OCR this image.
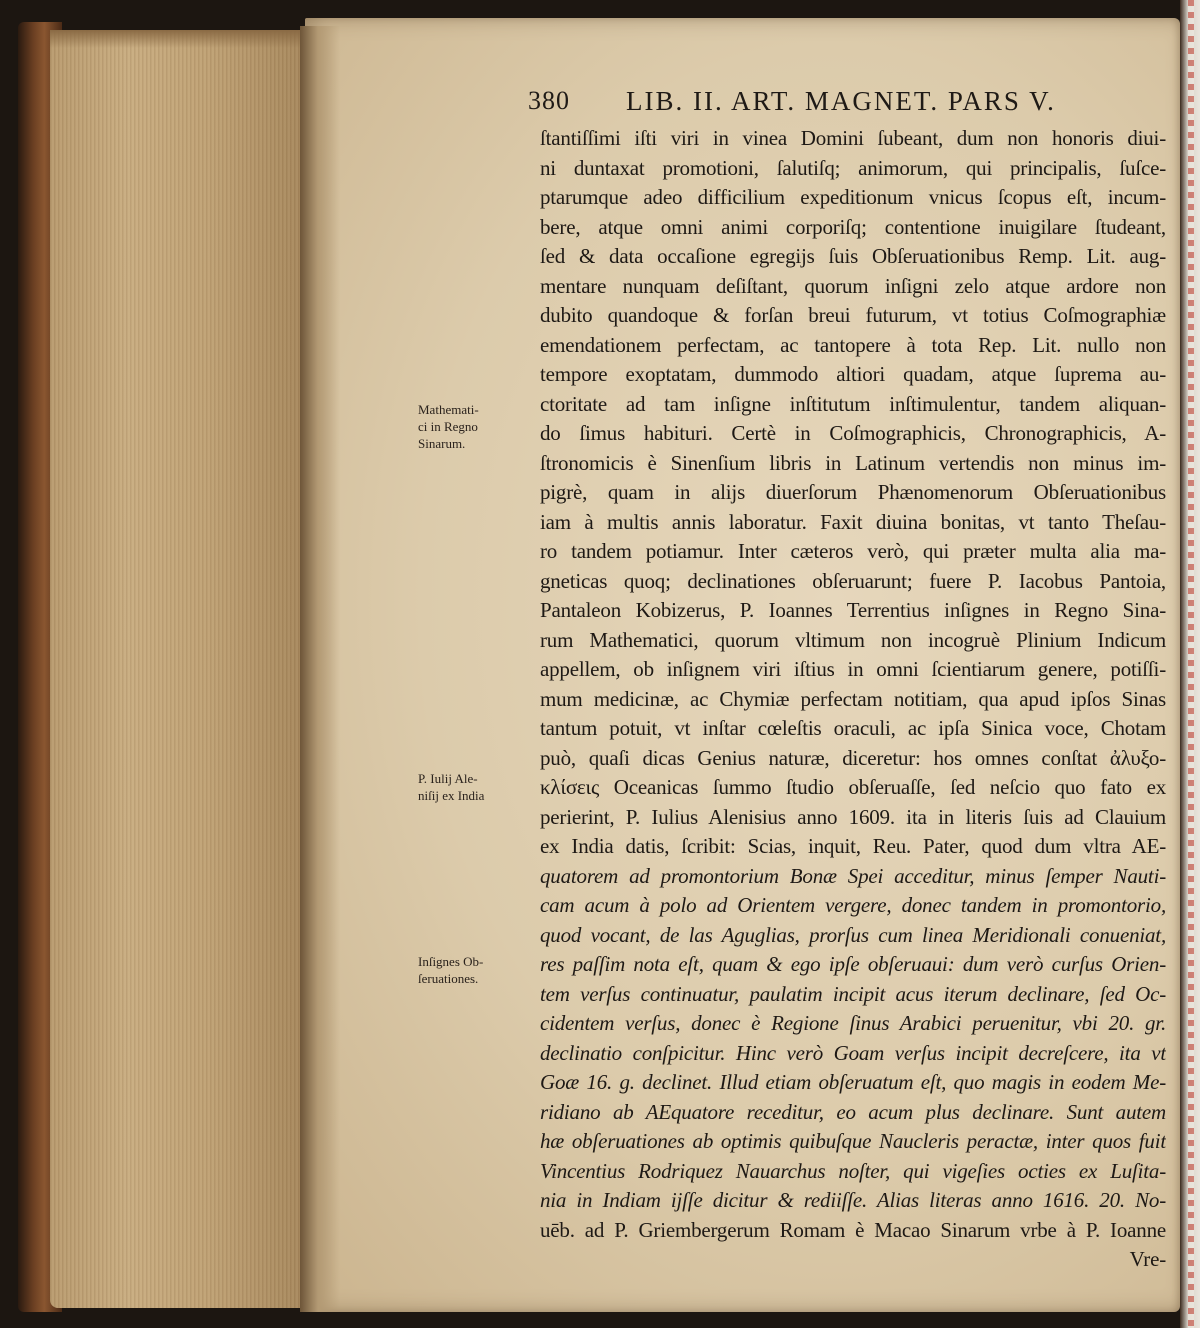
380 LIB. II. ART. MAGNET. PARS V.
Mathemati-
ci in Regno
Sinarum.
P. Iulij Ale-
niſij ex India
Inſignes Ob-
ſeruationes.
ſtantiſſimi iſti viri in vinea Domini ſubeant, dum non honoris diui-
ni duntaxat promotioni, ſalutiſq; animorum, qui principalis, ſuſce-
ptarumque adeo difficilium expeditionum vnicus ſcopus eſt, incum-
bere, atque omni animi corporiſq; contentione inuigilare ſtudeant,
ſed & data occaſione egregijs ſuis Obſeruationibus Remp. Lit. aug-
mentare nunquam deſiſtant, quorum inſigni zelo atque ardore non
dubito quandoque & forſan breui futurum, vt totius Coſmographiæ
emendationem perfectam, ac tantopere à tota Rep. Lit. nullo non
tempore exoptatam, dummodo altiori quadam, atque ſuprema au-
ctoritate ad tam inſigne inſtitutum inſtimulentur, tandem aliquan-
do ſimus habituri. Certè in Coſmographicis, Chronographicis, A-
ſtronomicis è Sinenſium libris in Latinum vertendis non minus im-
pigrè, quam in alijs diuerſorum Phænomenorum Obſeruationibus
iam à multis annis laboratur. Faxit diuina bonitas, vt tanto Theſau-
ro tandem potiamur. Inter cæteros verò, qui præter multa alia ma-
gneticas quoq; declinationes obſeruarunt; fuere P. Iacobus Pantoia,
Pantaleon Kobizerus, P. Ioannes Terrentius inſignes in Regno Sina-
rum Mathematici, quorum vltimum non incogruè Plinium Indicum
appellem, ob inſignem viri iſtius in omni ſcientiarum genere, potiſſi-
mum medicinæ, ac Chymiæ perfectam notitiam, qua apud ipſos Sinas
tantum potuit, vt inſtar cœleſtis oraculi, ac ipſa Sinica voce, Chotam
può, quaſi dicas Genius naturæ, diceretur: hos omnes conſtat ἀλυξο-
κλίσεις Oceanicas ſummo ſtudio obſeruaſſe, ſed neſcio quo fato ex
perierint, P. Iulius Alenisius anno 1609. ita in literis ſuis ad Clauium
ex India datis, ſcribit: Scias, inquit, Reu. Pater, quod dum vltra AE-
quatorem ad promontorium Bonæ Spei acceditur, minus ſemper Nauti-
cam acum à polo ad Orientem vergere, donec tandem in promontorio,
quod vocant, de las Aguglias, prorſus cum linea Meridionali conueniat,
res paſſim nota eſt, quam & ego ipſe obſeruaui: dum verò curſus Orien-
tem verſus continuatur, paulatim incipit acus iterum declinare, ſed Oc-
cidentem verſus, donec è Regione ſinus Arabici peruenitur, vbi 20. gr.
declinatio conſpicitur. Hinc verò Goam verſus incipit decreſcere, ita vt
Goæ 16. g. declinet. Illud etiam obſeruatum eſt, quo magis in eodem Me-
ridiano ab AEquatore receditur, eo acum plus declinare. Sunt autem
hæ obſeruationes ab optimis quibuſque Naucleris peractæ, inter quos fuit
Vincentius Rodriquez Nauarchus noſter, qui vigeſies octies ex Luſita-
nia in Indiam ijſſe dicitur & rediiſſe. Alias literas anno 1616. 20. No-
uēb. ad P. Griembergerum Romam è Macao Sinarum vrbe à P. Ioanne
Vre-
